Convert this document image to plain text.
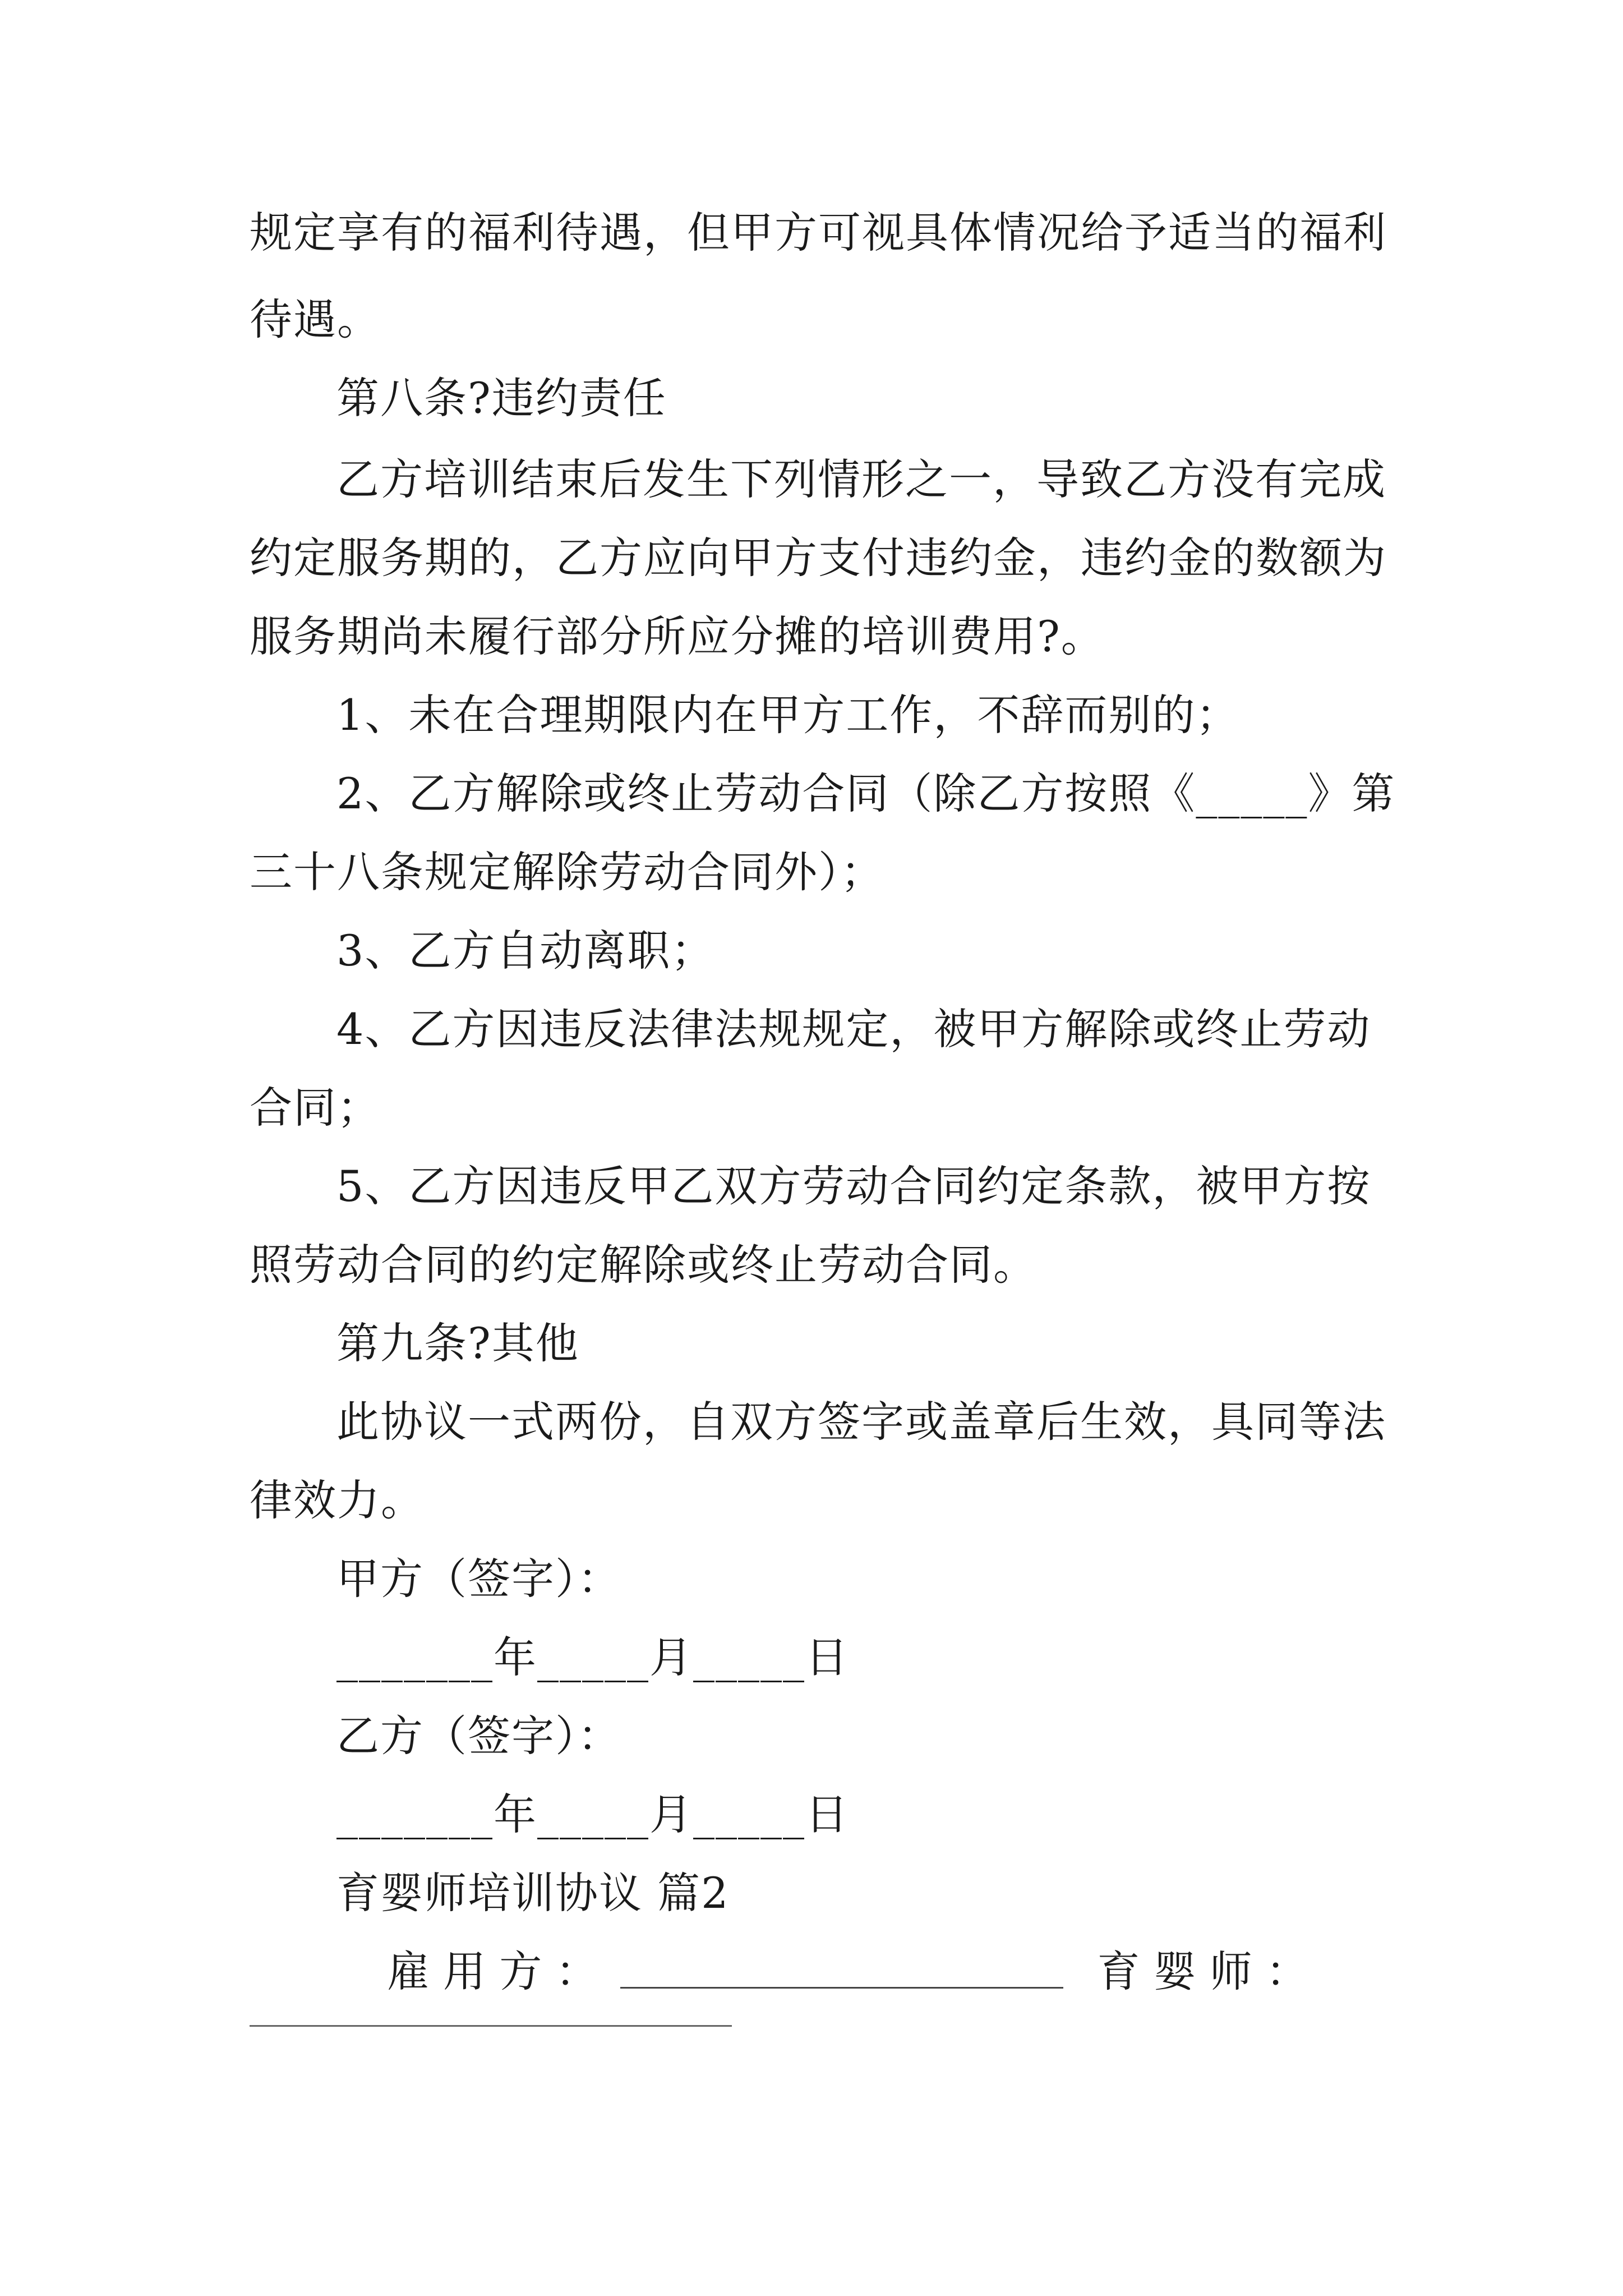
规定享有的福利待遇，但甲方可视具体情况给予适当的福利
待遇。
第八条?违约责任
乙方培训结束后发生下列情形之一，导致乙方没有完成
约定服务期的，乙方应向甲方支付违约金，违约金的数额为
服务期尚未履行部分所应分摊的培训费用?。
1、未在合理期限内在甲方工作，不辞而别的；
2、乙方解除或终止劳动合同（除乙方按照《_____》第
三十八条规定解除劳动合同外）；
3、乙方自动离职；
4、乙方因违反法律法规规定，被甲方解除或终止劳动
合同；
5、乙方因违反甲乙双方劳动合同约定条款，被甲方按
照劳动合同的约定解除或终止劳动合同。
第九条?其他
此协议一式两份，自双方签字或盖章后生效，具同等法
律效力。
甲方（签字）：
_______年_____月_____日
乙方（签字）：
_______年_____月_____日
育婴师培训协议 篇2
雇 用 方 ：	育 婴 师 ：
